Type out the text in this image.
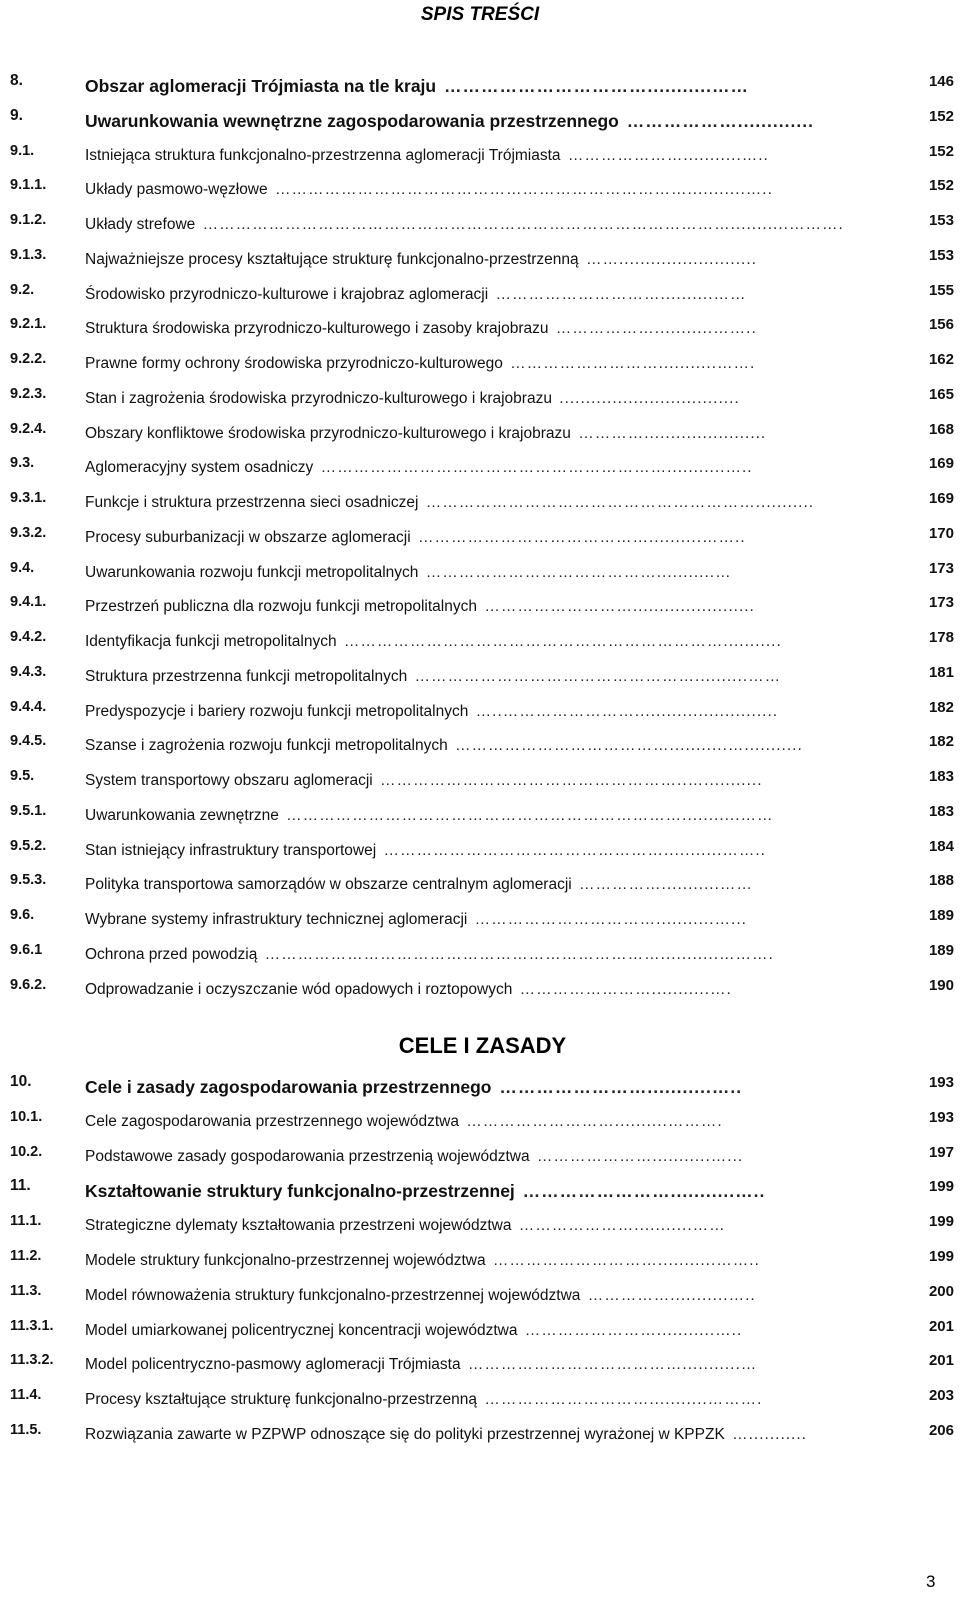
SPIS TREŚCI
8.	Obszar aglomeracji Trójmiasta na tle kraju ……………………………...........……	146
9.	Uwarunkowania wewnętrzne zagospodarowania przestrzennego ……………….............	152
9.1.	Istniejąca struktura funkcjonalno-przestrzenna aglomeracji Trójmiasta …………………...........…..	152
9.1.1.	Układy pasmowo-węzłowe …………………………………………………………………...........…..	152
9.1.2.	Układy strefowe ……………………………………………………………………………………...........……….	153
9.1.3.	Najważniejsze procesy kształtujące strukturę funkcjonalno-przestrzenną ……..........................	153
9.2.	Środowisko przyrodniczo-kulturowe i krajobraz aglomeracji …………………………..........……	155
9.2.1.	Struktura środowiska przyrodniczo-kulturowego i zasoby krajobrazu ………………...........……..	156
9.2.2.	Prawne formy ochrony środowiska przyrodniczo-kulturowego ………………………...........…….	162
9.2.3.	Stan i zagrożenia środowiska przyrodniczo-kulturowego i krajobrazu ..................................	165
9.2.4.	Obszary konfliktowe środowiska przyrodniczo-kulturowego i krajobrazu ………….......................	168
9.3.	Aglomeracyjny system osadniczy ………………………………………………………...........…..	169
9.3.1.	Funkcje i struktura przestrzenna sieci osadniczej ……………………………………………………...........	169
9.3.2.	Procesy suburbanizacji w obszarze aglomeracji ……………………………………..........……..	170
9.4.	Uwarunkowania rozwoju funkcji metropolitalnych ……………………………………...........…	173
9.4.1.	Przestrzeń publiczna dla rozwoju funkcji metropolitalnych ……………………….......................	173
9.4.2.	Identyfikacja funkcji metropolitalnych ……………………………………………………………...........	178
9.4.3.	Struktura przestrzenna funkcji metropolitalnych ……………………………………………..........……	181
9.4.4.	Predyspozycje i bariery rozwoju funkcji metropolitalnych …..……………………...........................	182
9.4.5.	Szanse i zagrożenia rozwoju funkcji metropolitalnych …………………………………...........…...........	182
9.5.	System transportowy obszaru aglomeracji ………………………………………………..…...........	183
9.5.1.	Uwarunkowania zewnętrzne ………………………………………………………………...........……	183
9.5.2.	Stan istniejący infrastruktury transportowej ……………………………………………...........……..	184
9.5.3.	Polityka transportowa samorządów w obszarze centralnym aglomeracji ……………...........……	188
9.6.	Wybrane systemy infrastruktury technicznej aglomeracji ……………………………...........…...	189
9.6.1	Ochrona przed powodzią ………………………………………………………………...........……….	189
9.6.2.	Odprowadzanie i oczyszczanie wód opadowych i roztopowych ……………………...........….	190
10.	Cele i zasady zagospodarowania przestrzennego ……………………...........…..	193
10.1.	Cele zagospodarowania przestrzennego województwa ………………………..........……….	193
10.2.	Podstawowe zasady gospodarowania przestrzenią województwa …………………...........…...	197
11.	Kształtowanie struktury funkcjonalno-przestrzennej ……………………...........…..	199
11.1.	Strategiczne dylematy kształtowania przestrzeni województwa …………………...........……	199
11.2.	Modele struktury funkcjonalno-przestrzennej województwa …………………………...........……..	199
11.3.	Model równoważenia struktury funkcjonalno-przestrzennej województwa ……………...........…..	200
11.3.1.	Model umiarkowanej policentrycznej koncentracji województwa ……………………...........…..	201
11.3.2.	Model policentryczno-pasmowy aglomeracji Trójmiasta …………………………………...........…	201
11.4.	Procesy kształtujące strukturę funkcjonalno-przestrzenną …………………………...........……….	203
11.5.	Rozwiązania zawarte w PZPWP odnoszące się do polityki przestrzennej wyrażonej w KPPZK …...........	206
CELE I ZASADY
3
